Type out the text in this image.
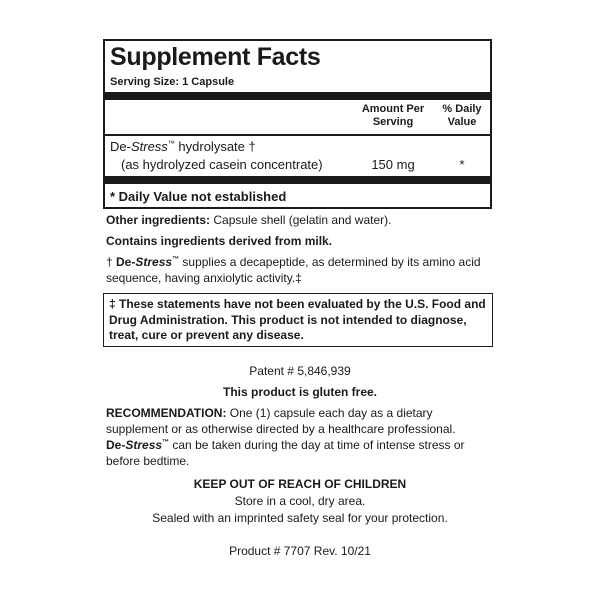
Supplement Facts
Serving Size: 1 Capsule
Amount Per Serving
% Daily Value
De-Stress™ hydrolysate †
(as hydrolyzed casein concentrate)	150 mg	*
* Daily Value not established
Other ingredients: Capsule shell (gelatin and water).
Contains ingredients derived from milk.
† De-Stress™ supplies a decapeptide, as determined by its amino acid sequence, having anxiolytic activity.‡
‡ These statements have not been evaluated by the U.S. Food and Drug Administration. This product is not intended to diagnose, treat, cure or prevent any disease.
Patent # 5,846,939
This product is gluten free.
RECOMMENDATION: One (1) capsule each day as a dietary supplement or as otherwise directed by a healthcare professional.
De-Stress™ can be taken during the day at time of intense stress or before bedtime.
KEEP OUT OF REACH OF CHILDREN
Store in a cool, dry area.
Sealed with an imprinted safety seal for your protection.
Product # 7707 Rev. 10/21
